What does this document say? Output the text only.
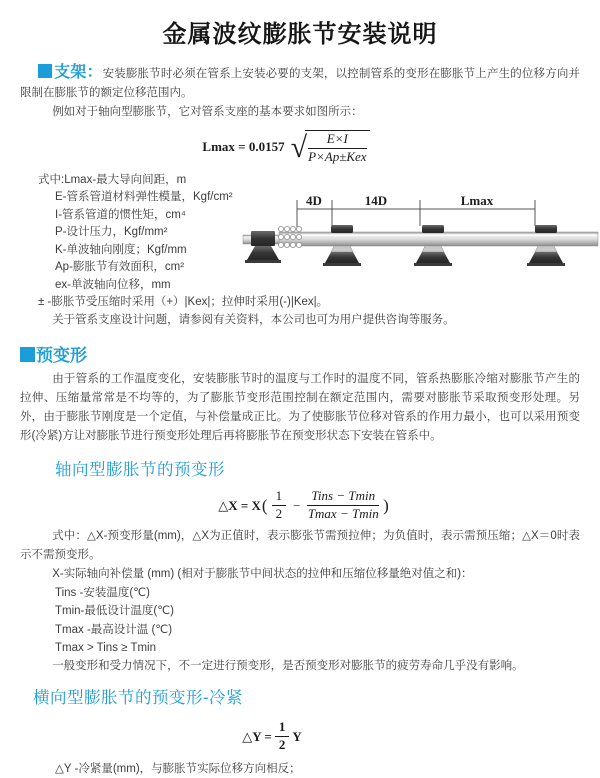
金属波纹膨胀节安装说明

支架：安装膨胀节时必须在管系上安装必要的支架，以控制管系的变形在膨胀节上产生的位移方向并限制在膨胀节的额定位移范围内。

例如对于轴向型膨胀节，它对管系支座的基本要求如图所示：

Lmax = 0.0157 √ $\frac{E\times I}{\text{P×Ap±Kex}}$

式中:Lmax-最大导向间距，m

E-管系管道材料弹性模量，Kgf/cm²
I-管系管道的惯性矩，cm⁴
P-设计压力，Kgf/mm²
K-单波轴向刚度；Kgf/mm
Ap-膨胀节有效面积，cm²
ex-单波轴向位移，mm

± -膨胀节受压缩时采用（+）|Kex|；拉伸时采用(-)|Kex|。

关于管系支座设计问题，请参阅有关资料，本公司也可为用户提供咨询等服务。

4D	14D	Lmax
预变形

由于管系的工作温度变化，安装膨胀节时的温度与工作时的温度不同，管系热膨胀冷缩对膨胀节产生的拉伸、压缩量常常是不均等的，为了膨胀节变形范围控制在额定范围内，需要对膨胀节采取预变形处理。另外，由于膨胀节刚度是一个定值，与补偿量成正比。为了使膨胀节位移对管系的作用力最小，也可以采用预变形(冷紧)方让对膨胀节进行预变形处理后再将膨胀节在预变形状态下安装在管系中。

轴向型膨胀节的预变形
△X = X ( $\frac{1}{2} - \frac{\text{Tins − Tmin}}{Tmax - Tmin}$ )

式中：△X-预变形量(mm)，△X为正值时，表示膨张节需预拉伸；为负值时，表示需预压缩；△X＝0时表示不需预变形。

X-实际轴向补偿量 (mm) (相对于膨胀节中间状态的拉伸和压缩位移量绝对值之和)：

Tins -安装温度(℃)
Tmin-最低设计温度(℃)
Tmax -最高设计温 (℃)
Tmax > Tins ≥ Tmin

一般变形和受力情况下，不一定进行预变形，是否预变形对膨胀节的疲劳寿命几乎没有影响。

横向型膨胀节的预变形-冷紧
△Y = $\frac{1}{2}$ Y

△Y -冷紧量(mm)，与膨胀节实际位移方向相反；
